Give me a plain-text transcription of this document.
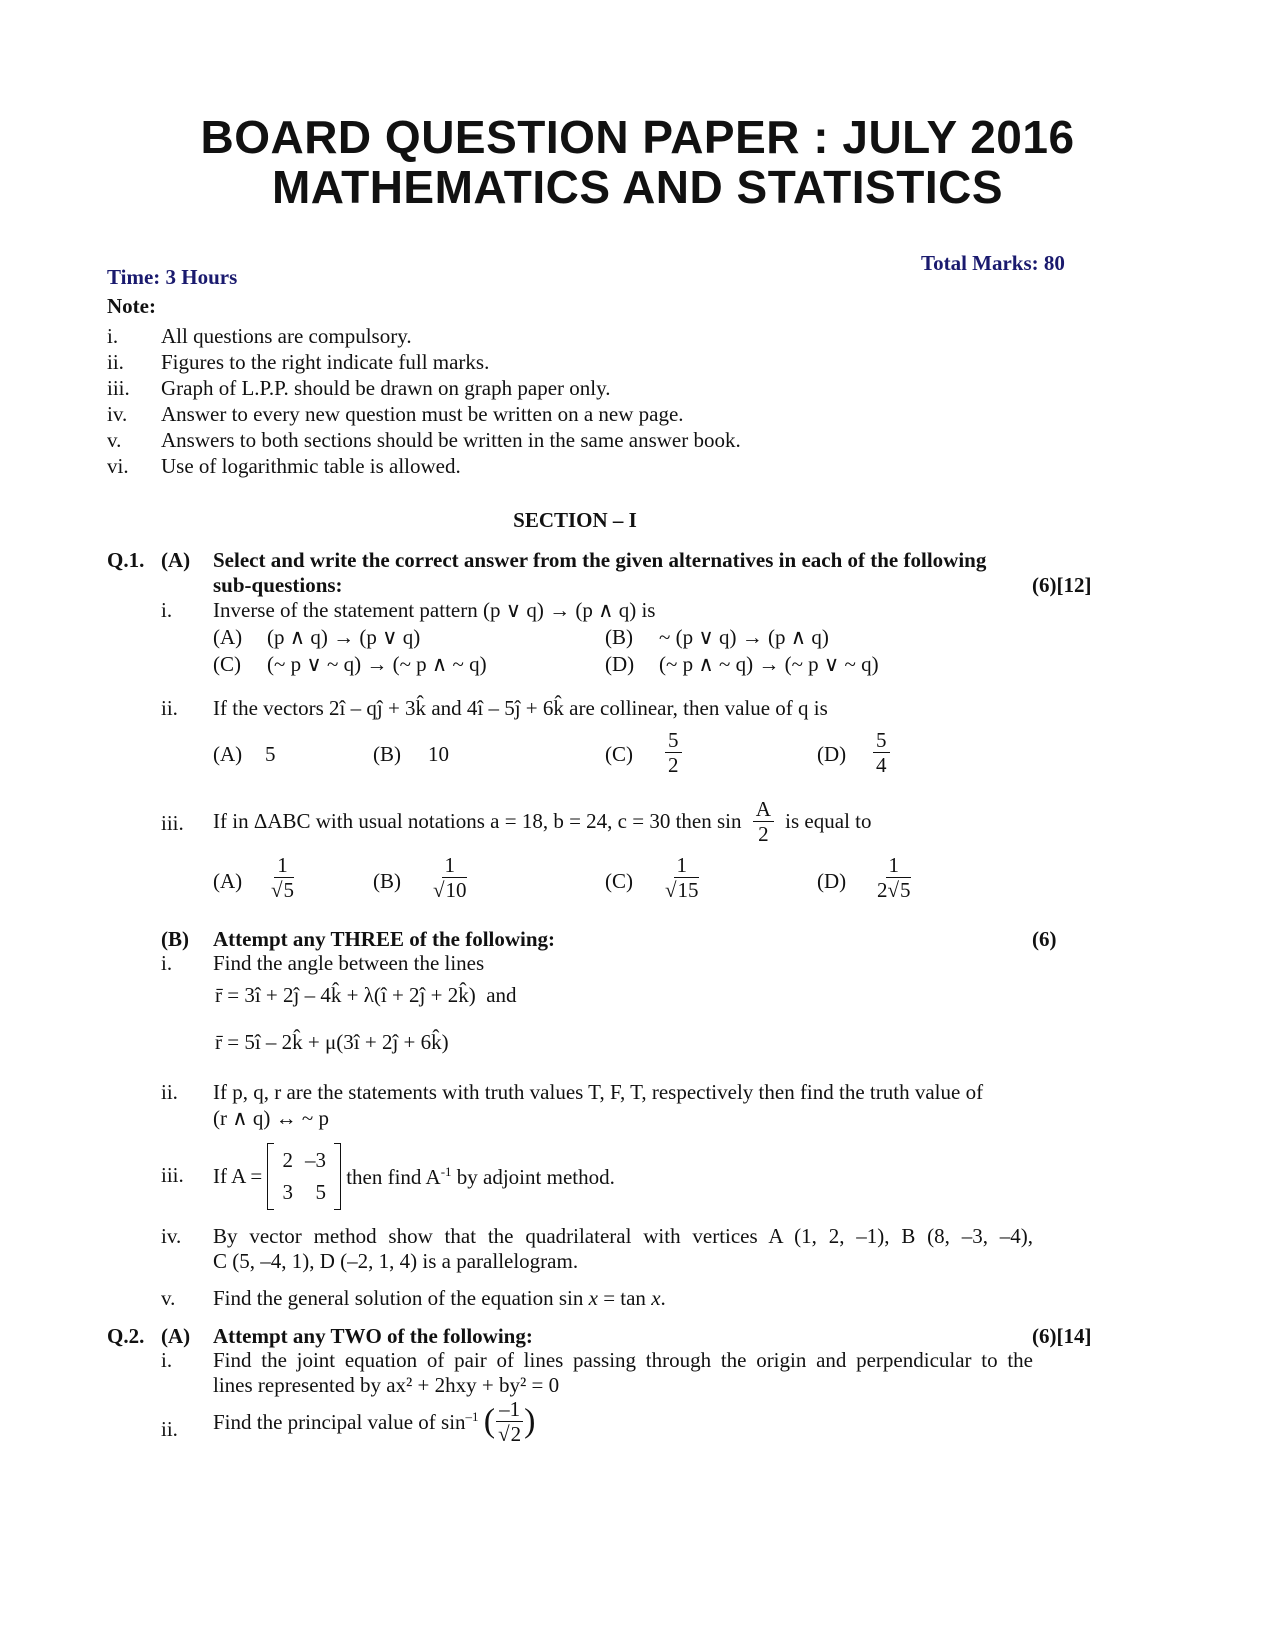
BOARD QUESTION PAPER : JULY 2016
MATHEMATICS AND STATISTICS
Time: 3 Hours
Total Marks: 80
Note:
i. All questions are compulsory.
ii. Figures to the right indicate full marks.
iii. Graph of L.P.P. should be drawn on graph paper only.
iv. Answer to every new question must be written on a new page.
v. Answers to both sections should be written in the same answer book.
vi. Use of logarithmic table is allowed.
SECTION – I
Q.1. (A) Select and write the correct answer from the given alternatives in each of the following
sub-questions:	(6)[12]
i. Inverse of the statement pattern (p ∨ q) → (p ∧ q) is
(A) (p ∧ q) → (p ∨ q)	(B) ~ (p ∨ q) → (p ∧ q)
(C) (~ p ∨ ~ q) → (~ p ∧ ~ q)	(D) (~ p ∧ ~ q) → (~ p ∨ ~ q)
ii. If the vectors 2î – qĵ + 3k̂ and 4î – 5ĵ + 6k̂ are collinear, then value of q is
(A) 5	(B) 10	$(C) \frac{5}{2}$	$(D) \frac{5}{4}$
iii. If in ΔABC with usual notations a = 18, b = 24, c = 30 then $\sin \frac{A}{2}$ is equal to
$(A) \frac{1}{√5}$	$(B) \frac{1}{√10}$	$(C) \frac{1}{√15}$	$(D) \frac{1}{2√5}$
(B) Attempt any THREE of the following:	(6)
i. Find the angle between the lines
r̄ = 3î + 2ĵ – 4k̂ + λ(î + 2ĵ + 2k̂) and
r̄ = 5î – 2k̂ + μ(3î + 2ĵ + 6k̂)
ii. If p, q, r are the statements with truth values T, F, T, respectively then find the truth value of
(r ∧ q) ↔ ~ p
iii. If A =
2	–3
3	5
then find $A^{-1}$ by adjoint method.
iv. By vector method show that the quadrilateral with vertices A (1, 2, –1), B (8, –3, –4),
C (5, –4, 1), D (–2, 1, 4) is a parallelogram.
v. Find the general solution of the equation sin x = tan x.
Q.2. (A) Attempt any TWO of the following:	(6)[14]
i. Find the joint equation of pair of lines passing through the origin and perpendicular to the
lines represented by ax² + 2hxy + by² = 0
ii. Find the principal value of $\sin^{-1}$ ( $\frac{-1}{√2}$ )
